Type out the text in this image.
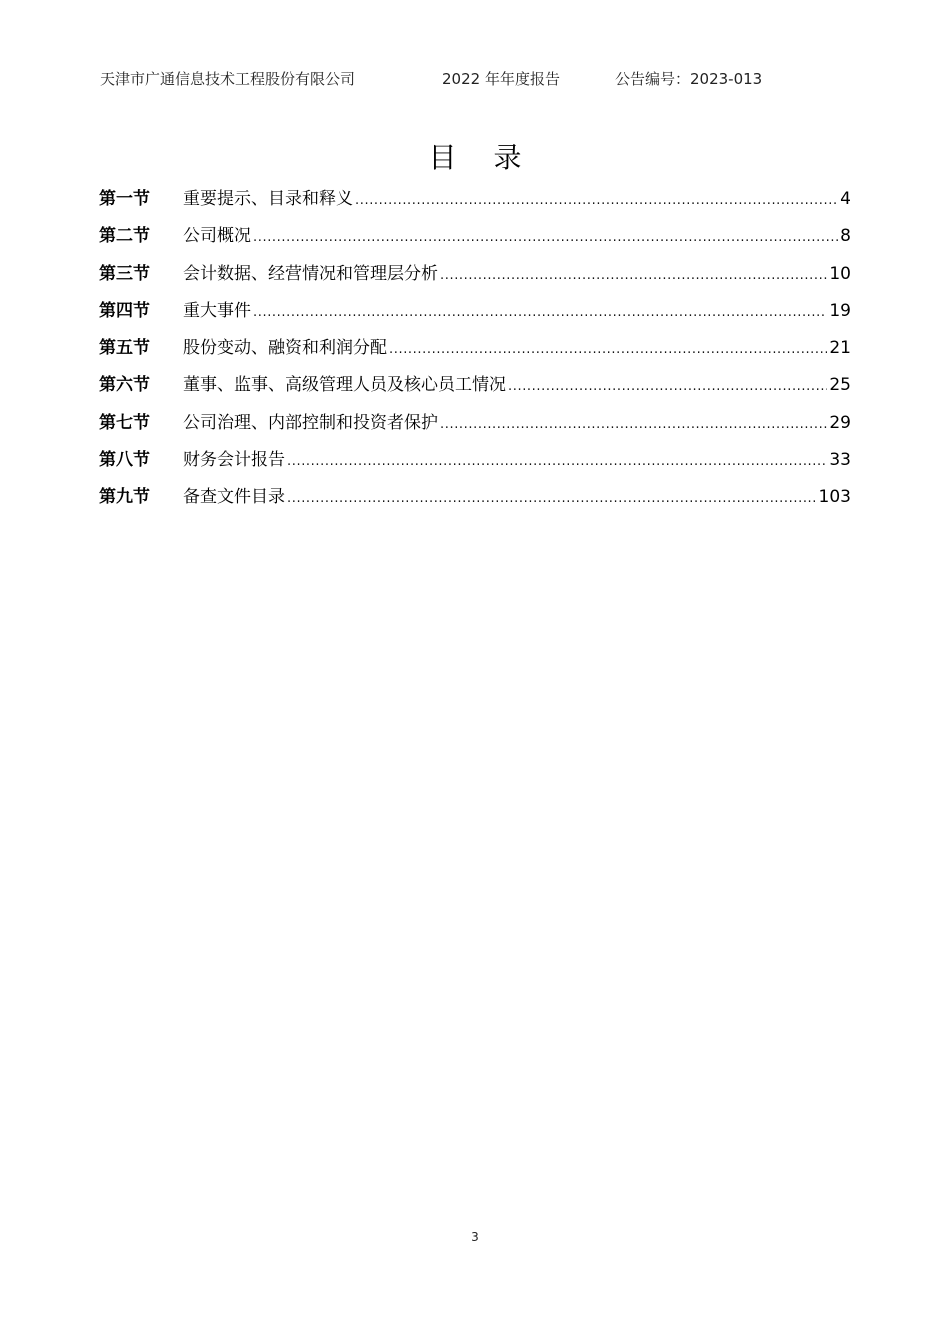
天津市广通信息技术工程股份有限公司	2022 年年度报告	公告编号：2023-013
目 录
第一节	重要提示、目录和释义 .....	4
第二节	公司概况 .....	8
第三节	会计数据、经营情况和管理层分析 .....	10
第四节	重大事件 .....	19
第五节	股份变动、融资和利润分配 .....	21
第六节	董事、监事、高级管理人员及核心员工情况 .....	25
第七节	公司治理、内部控制和投资者保护 .....	29
第八节	财务会计报告 .....	33
第九节	备查文件目录 .....	103
3
